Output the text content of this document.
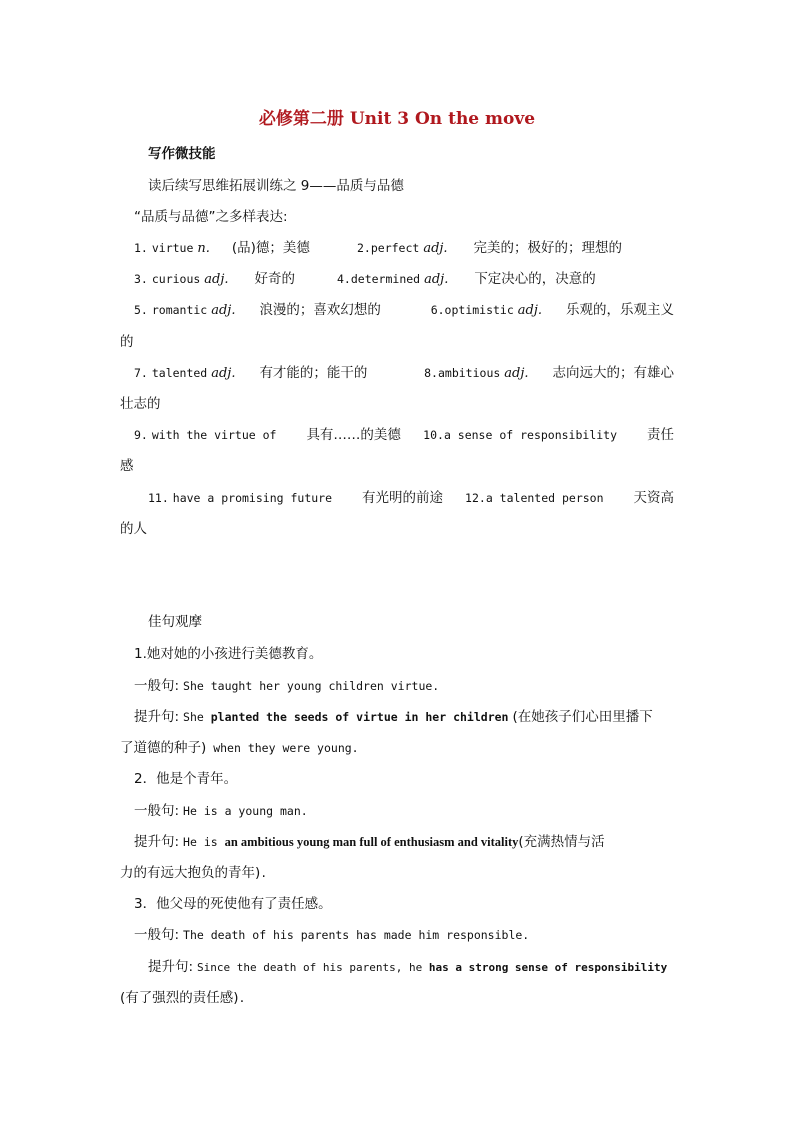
必修第二册 Unit 3 On the move
写作微技能
读后续写思维拓展训练之 9——品质与品德
“品质与品德”之多样表达:
1. virtue n. (品)德；美德	2.perfect adj. 完美的；极好的；理想的
3. curious adj. 好奇的	4.determined adj. 下定决心的，决意的
5. romantic adj. 浪漫的；喜欢幻想的	6.optimistic adj. 乐观的，乐观主义
的
7. talented adj. 有才能的；能干的	8.ambitious adj. 志向远大的；有雄心
壮志的
9. with the virtue of 具有……的美德 10.a sense of responsibility 责任
感
11. have a promising future 有光明的前途 12.a talented person 天资高
的人
佳句观摩
1.她对她的小孩进行美德教育。
一般句: She taught her young children virtue.
提升句: She planted the seeds of virtue in her children (在她孩子们心田里播下
了道德的种子) when they were young.
2．他是个青年。
一般句: He is a young man.
提升句: He is an ambitious young man full of enthusiasm and vitality(充满热情与活
力的有远大抱负的青年).
3．他父母的死使他有了责任感。
一般句: The death of his parents has made him responsible.
提升句: Since the death of his parents, he has a strong sense of responsibility
(有了强烈的责任感).
